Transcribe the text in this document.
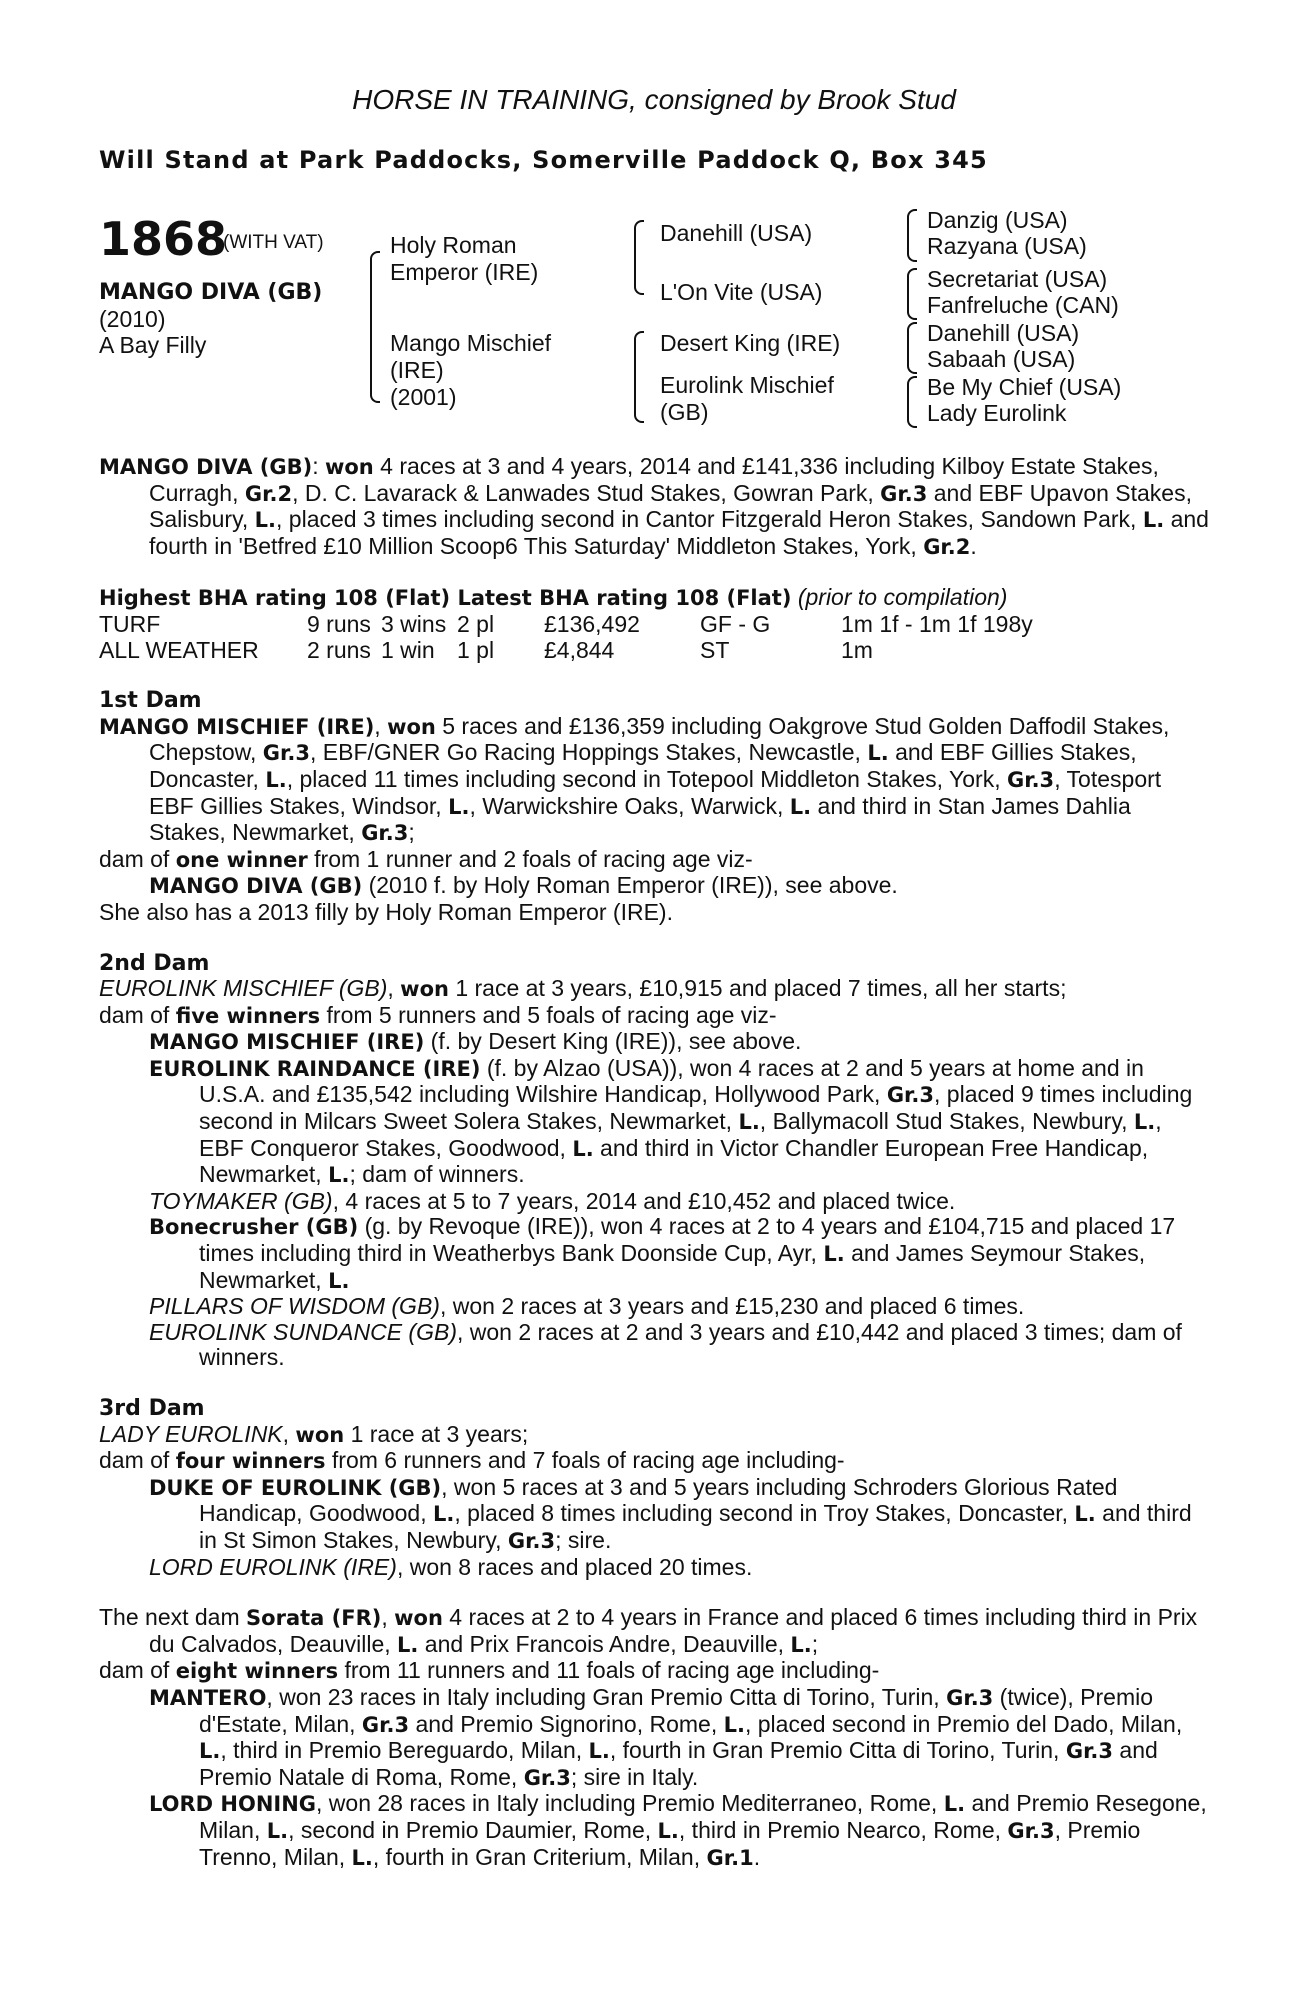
HORSE IN TRAINING, consigned by Brook Stud
Will Stand at Park Paddocks, Somerville Paddock Q, Box 345
1868
(WITH VAT)
MANGO DIVA (GB)
(2010)
A Bay Filly
Holy Roman
Emperor (IRE)
Mango Mischief
(IRE)
(2001)
Danehill (USA)
L'On Vite (USA)
Desert King (IRE)
Eurolink Mischief
(GB)
Danzig (USA)
Razyana (USA)
Secretariat (USA)
Fanfreluche (CAN)
Danehill (USA)
Sabaah (USA)
Be My Chief (USA)
Lady Eurolink

MANGO DIVA (GB): won 4 races at 3 and 4 years, 2014 and £141,336 including Kilboy Estate Stakes, Curragh, Gr.2, D. C. Lavarack & Lanwades Stud Stakes, Gowran Park, Gr.3 and EBF Upavon Stakes, Salisbury, L., placed 3 times including second in Cantor Fitzgerald Heron Stakes, Sandown Park, L. and fourth in 'Betfred £10 Million Scoop6 This Saturday' Middleton Stakes, York, Gr.2.

Highest BHA rating 108 (Flat) Latest BHA rating 108 (Flat) (prior to compilation)

TURF	9 runs	3 wins	2 pl	£136,492	GF - G	1m 1f - 1m 1f 198y
ALL WEATHER	2 runs	1 win	1 pl	£4,844	ST	1m

1st Dam

MANGO MISCHIEF (IRE), won 5 races and £136,359 including Oakgrove Stud Golden Daffodil Stakes, Chepstow, Gr.3, EBF/GNER Go Racing Hoppings Stakes, Newcastle, L. and EBF Gillies Stakes, Doncaster, L., placed 11 times including second in Totepool Middleton Stakes, York, Gr.3, Totesport EBF Gillies Stakes, Windsor, L., Warwickshire Oaks, Warwick, L. and third in Stan James Dahlia Stakes, Newmarket, Gr.3;

dam of one winner from 1 runner and 2 foals of racing age viz-

MANGO DIVA (GB) (2010 f. by Holy Roman Emperor (IRE)), see above.

She also has a 2013 filly by Holy Roman Emperor (IRE).

2nd Dam

EUROLINK MISCHIEF (GB), won 1 race at 3 years, £10,915 and placed 7 times, all her starts;

dam of five winners from 5 runners and 5 foals of racing age viz-

MANGO MISCHIEF (IRE) (f. by Desert King (IRE)), see above.

EUROLINK RAINDANCE (IRE) (f. by Alzao (USA)), won 4 races at 2 and 5 years at home and in U.S.A. and £135,542 including Wilshire Handicap, Hollywood Park, Gr.3, placed 9 times including second in Milcars Sweet Solera Stakes, Newmarket, L., Ballymacoll Stud Stakes, Newbury, L., EBF Conqueror Stakes, Goodwood, L. and third in Victor Chandler European Free Handicap, Newmarket, L.; dam of winners.

TOYMAKER (GB), 4 races at 5 to 7 years, 2014 and £10,452 and placed twice.

Bonecrusher (GB) (g. by Revoque (IRE)), won 4 races at 2 to 4 years and £104,715 and placed 17 times including third in Weatherbys Bank Doonside Cup, Ayr, L. and James Seymour Stakes, Newmarket, L.

PILLARS OF WISDOM (GB), won 2 races at 3 years and £15,230 and placed 6 times.

EUROLINK SUNDANCE (GB), won 2 races at 2 and 3 years and £10,442 and placed 3 times; dam of winners.

3rd Dam

LADY EUROLINK, won 1 race at 3 years;

dam of four winners from 6 runners and 7 foals of racing age including-

DUKE OF EUROLINK (GB), won 5 races at 3 and 5 years including Schroders Glorious Rated Handicap, Goodwood, L., placed 8 times including second in Troy Stakes, Doncaster, L. and third in St Simon Stakes, Newbury, Gr.3; sire.

LORD EUROLINK (IRE), won 8 races and placed 20 times.

The next dam Sorata (FR), won 4 races at 2 to 4 years in France and placed 6 times including third in Prix du Calvados, Deauville, L. and Prix Francois Andre, Deauville, L.;

dam of eight winners from 11 runners and 11 foals of racing age including-

MANTERO, won 23 races in Italy including Gran Premio Citta di Torino, Turin, Gr.3 (twice), Premio d'Estate, Milan, Gr.3 and Premio Signorino, Rome, L., placed second in Premio del Dado, Milan, L., third in Premio Bereguardo, Milan, L., fourth in Gran Premio Citta di Torino, Turin, Gr.3 and Premio Natale di Roma, Rome, Gr.3; sire in Italy.

LORD HONING, won 28 races in Italy including Premio Mediterraneo, Rome, L. and Premio Resegone, Milan, L., second in Premio Daumier, Rome, L., third in Premio Nearco, Rome, Gr.3, Premio Trenno, Milan, L., fourth in Gran Criterium, Milan, Gr.1.
